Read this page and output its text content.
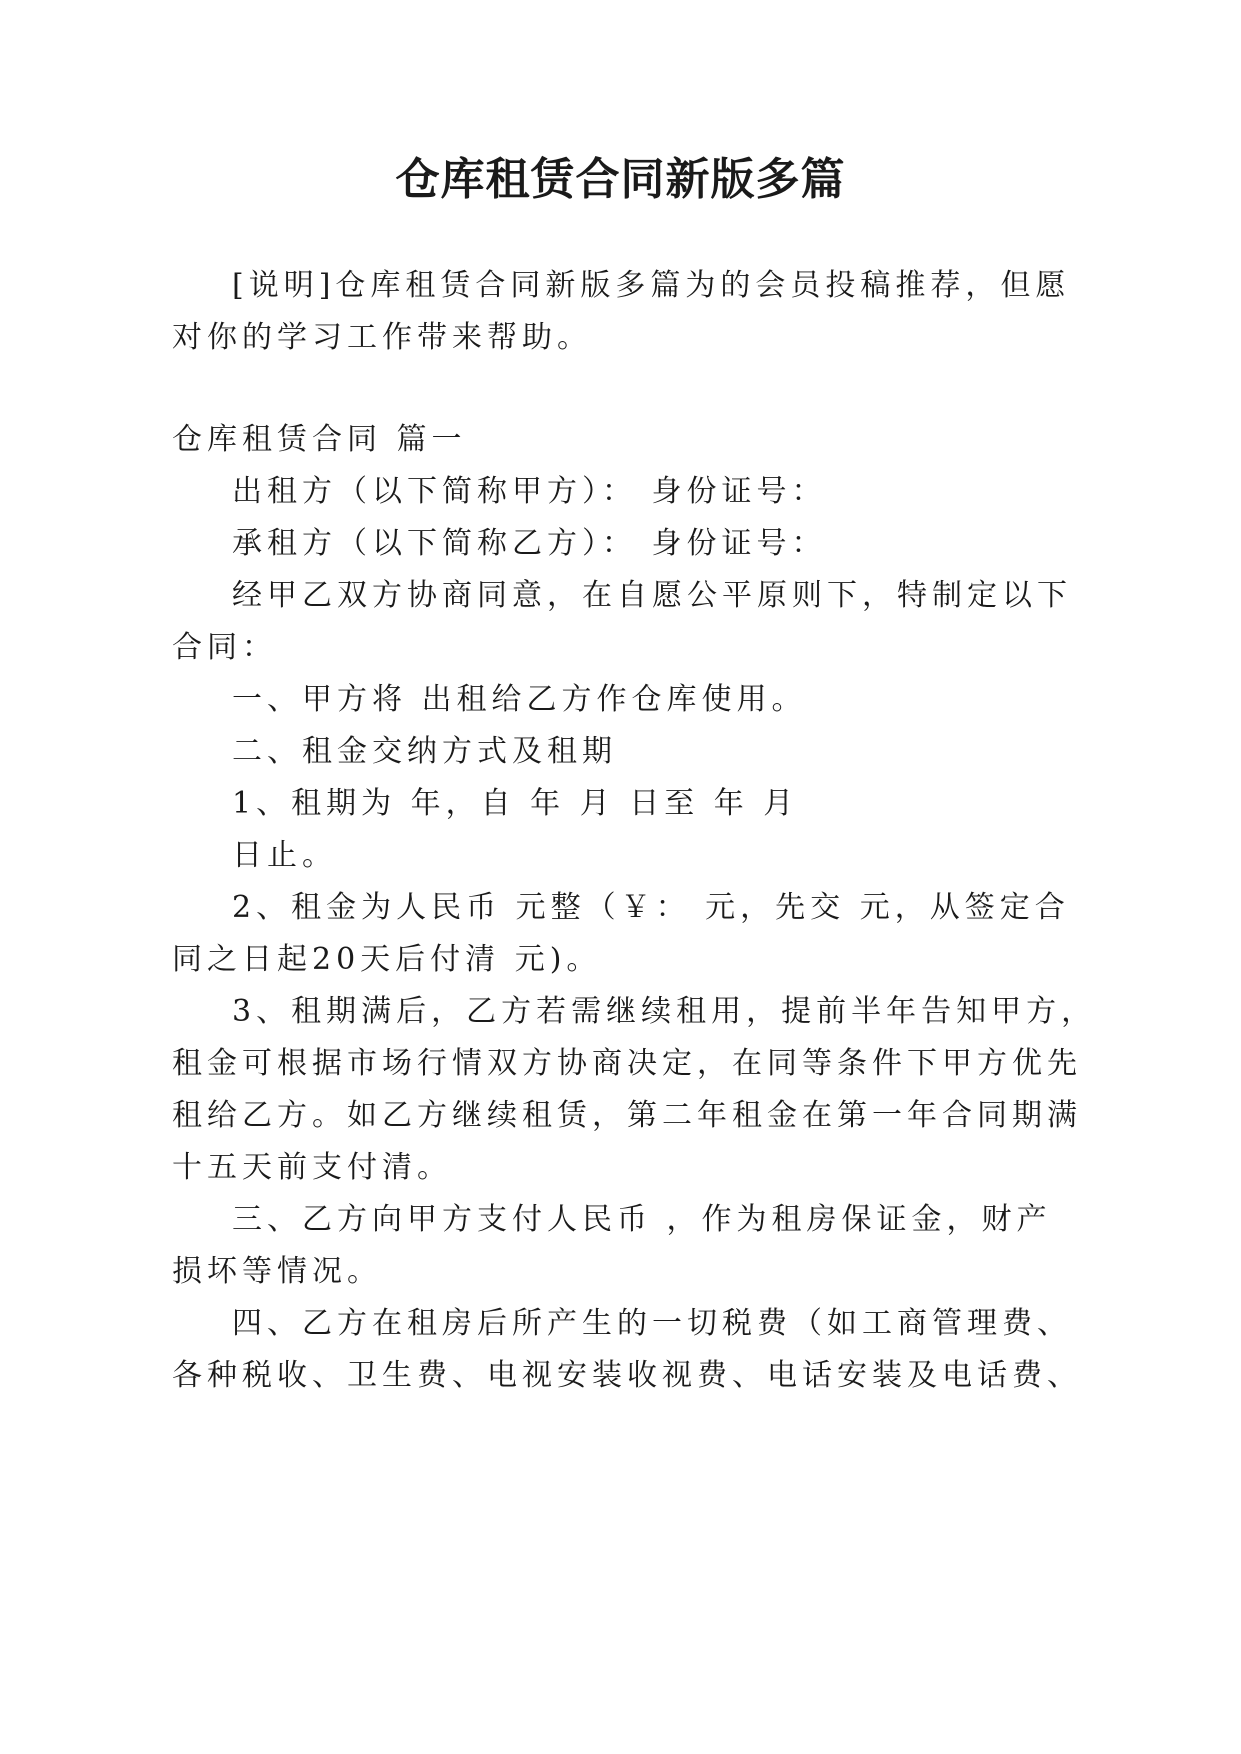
仓库租赁合同新版多篇
[说明]仓库租赁合同新版多篇为的会员投稿推荐，但愿
对你的学习工作带来帮助。
仓库租赁合同 篇一
出租方（以下简称甲方）： 身份证号：
承租方（以下简称乙方）： 身份证号：
经甲乙双方协商同意，在自愿公平原则下，特制定以下
合同：
一、甲方将 出租给乙方作仓库使用。
二、租金交纳方式及租期
1、租期为 年，自 年 月 日至 年 月
日止。
2、租金为人民币 元整（￥： 元，先交 元，从签定合
同之日起20天后付清 元)。
3、租期满后，乙方若需继续租用，提前半年告知甲方，
租金可根据市场行情双方协商决定，在同等条件下甲方优先
租给乙方。如乙方继续租赁，第二年租金在第一年合同期满
十五天前支付清。
三、乙方向甲方支付人民币 ，作为租房保证金，财产
损坏等情况。
四、乙方在租房后所产生的一切税费（如工商管理费、
各种税收、卫生费、电视安装收视费、电话安装及电话费、
